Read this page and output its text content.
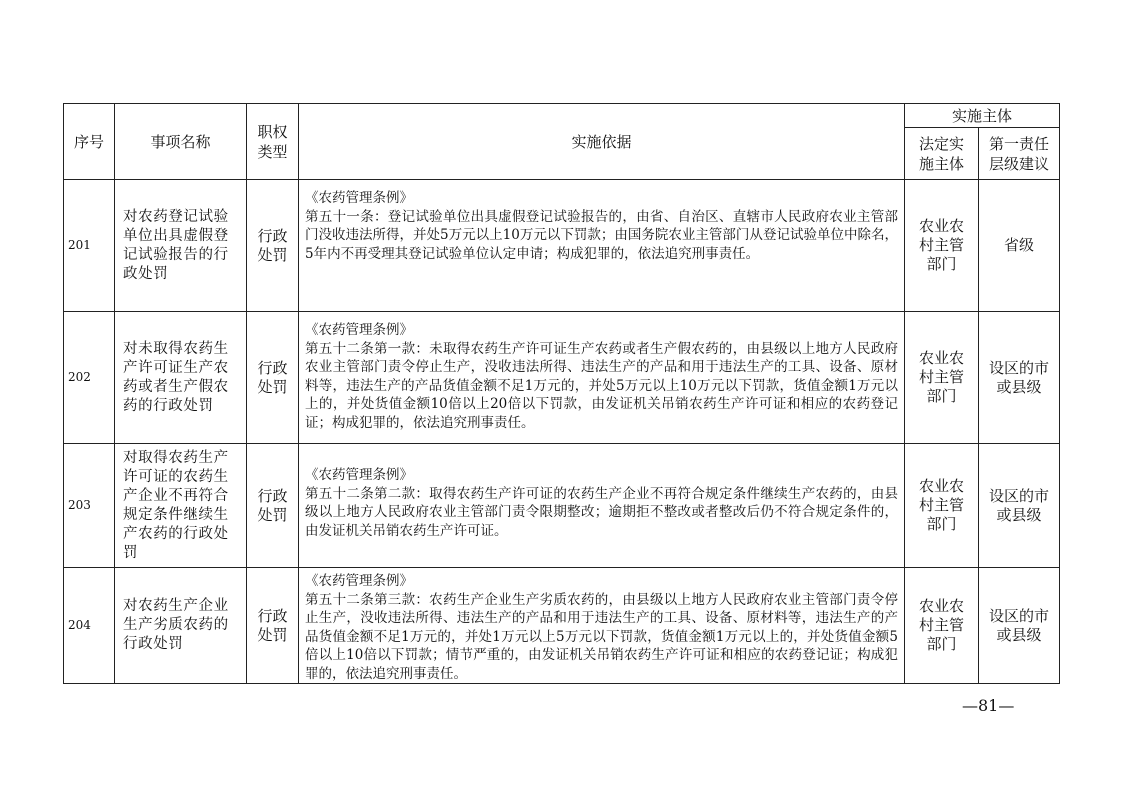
序号	事项名称	职权类型	实施依据	实施主体	
				法定实施主体	第一责任层级建议
201	对农药登记试验单位出具虚假登记试验报告的行政处罚	行政处罚	《农药管理条例》
第五十一条：登记试验单位出具虚假登记试验报告的，由省、自治区、直辖市人民政府农业主管部门没收违法所得，并处5万元以上10万元以下罚款；由国务院农业主管部门从登记试验单位中除名，5年内不再受理其登记试验单位认定申请；构成犯罪的，依法追究刑事责任。	农业农村主管部门	省级
202	对未取得农药生产许可证生产农药或者生产假农药的行政处罚	行政处罚	《农药管理条例》
第五十二条第一款：未取得农药生产许可证生产农药或者生产假农药的，由县级以上地方人民政府农业主管部门责令停止生产，没收违法所得、违法生产的产品和用于违法生产的工具、设备、原材料等，违法生产的产品货值金额不足1万元的，并处5万元以上10万元以下罚款，货值金额1万元以上的，并处货值金额10倍以上20倍以下罚款，由发证机关吊销农药生产许可证和相应的农药登记证；构成犯罪的，依法追究刑事责任。	农业农村主管部门	设区的市或县级
203	对取得农药生产许可证的农药生产企业不再符合规定条件继续生产农药的行政处罚	行政处罚	《农药管理条例》
第五十二条第二款：取得农药生产许可证的农药生产企业不再符合规定条件继续生产农药的，由县级以上地方人民政府农业主管部门责令限期整改；逾期拒不整改或者整改后仍不符合规定条件的，由发证机关吊销农药生产许可证。	农业农村主管部门	设区的市或县级
204	对农药生产企业生产劣质农药的行政处罚	行政处罚	《农药管理条例》
第五十二条第三款：农药生产企业生产劣质农药的，由县级以上地方人民政府农业主管部门责令停止生产，没收违法所得、违法生产的产品和用于违法生产的工具、设备、原材料等，违法生产的产品货值金额不足1万元的，并处1万元以上5万元以下罚款，货值金额1万元以上的，并处货值金额5倍以上10倍以下罚款；情节严重的，由发证机关吊销农药生产许可证和相应的农药登记证；构成犯罪的，依法追究刑事责任。	农业农村主管部门	设区的市或县级
—81—
